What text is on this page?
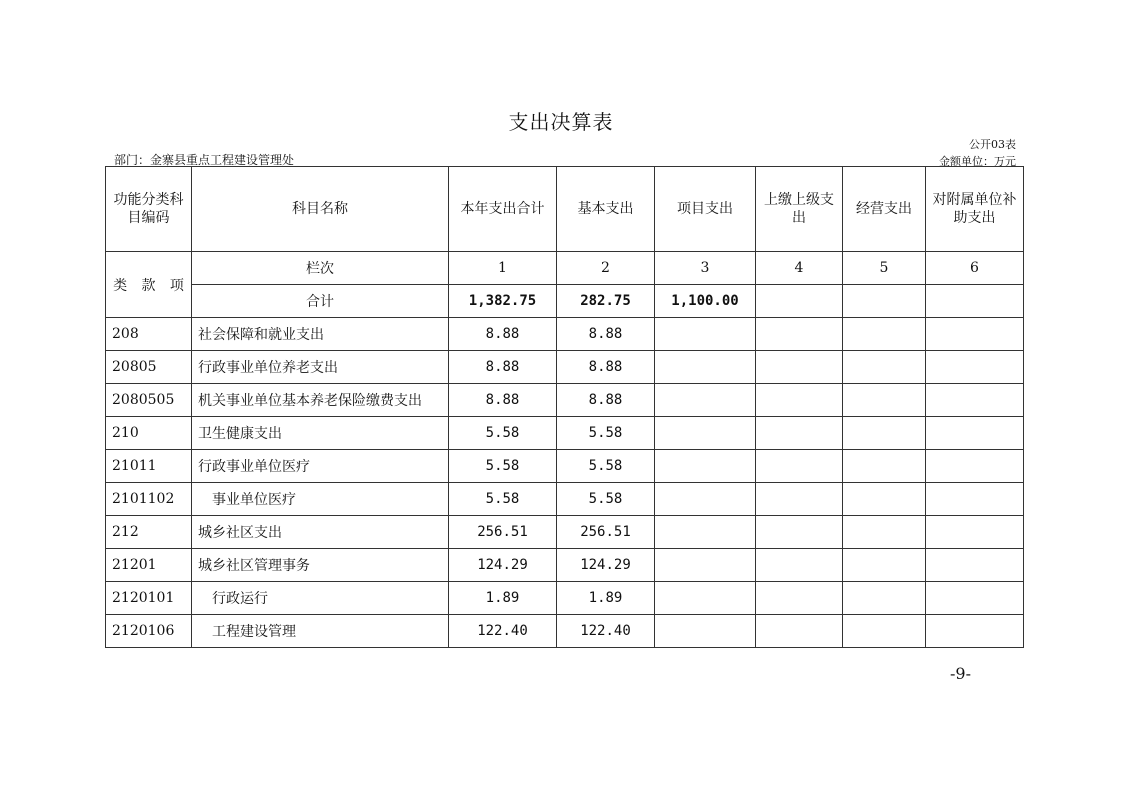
支出决算表
公开03表
部门：金寨县重点工程建设管理处	金额单位：万元
功能分类科目编码	科目名称	本年支出合计	基本支出	项目支出	上缴上级支出	经营支出	对附属单位补助支出

类 款 项	栏次	1	2	3	4	5	6
	合计	1,382.75	282.75	1,100.00			
208	社会保障和就业支出	8.88	8.88				
20805	行政事业单位养老支出	8.88	8.88				
2080505	机关事业单位基本养老保险缴费支出	8.88	8.88				
210	卫生健康支出	5.58	5.58				
21011	行政事业单位医疗	5.58	5.58				
2101102	事业单位医疗	5.58	5.58				
212	城乡社区支出	256.51	256.51				
21201	城乡社区管理事务	124.29	124.29				
2120101	行政运行	1.89	1.89				
2120106	工程建设管理	122.40	122.40				
-9-
